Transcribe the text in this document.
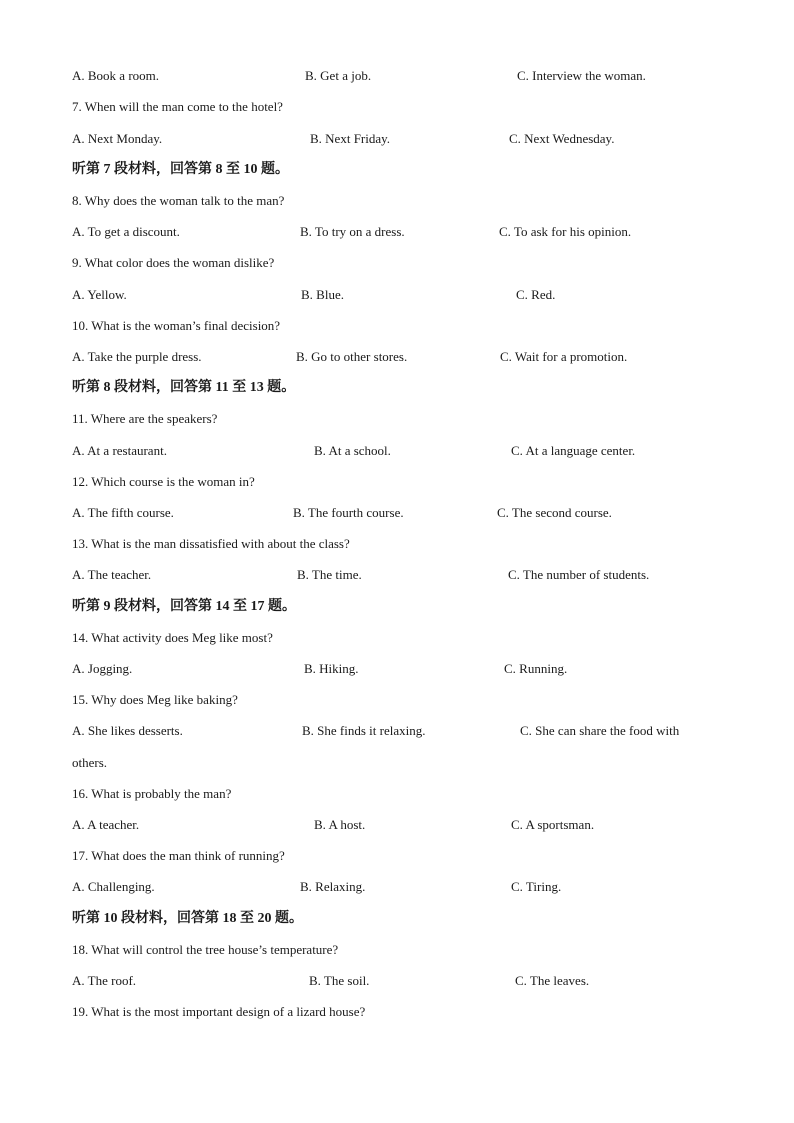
A. Book a room.	B. Get a job.	C. Interview the woman.
7. When will the man come to the hotel?
A. Next Monday.	B. Next Friday.	C. Next Wednesday.
听第 7 段材料，回答第 8 至 10 题。
8. Why does the woman talk to the man?
A. To get a discount.	B. To try on a dress.	C. To ask for his opinion.
9. What color does the woman dislike?
A. Yellow.	B. Blue.	C. Red.
10. What is the woman’s final decision?
A. Take the purple dress.	B. Go to other stores.	C. Wait for a promotion.
听第 8 段材料，回答第 11 至 13 题。
11. Where are the speakers?
A. At a restaurant.	B. At a school.	C. At a language center.
12. Which course is the woman in?
A. The fifth course.	B. The fourth course.	C. The second course.
13. What is the man dissatisfied with about the class?
A. The teacher.	B. The time.	C. The number of students.
听第 9 段材料，回答第 14 至 17 题。
14. What activity does Meg like most?
A. Jogging.	B. Hiking.	C. Running.
15. Why does Meg like baking?
A. She likes desserts.	B. She finds it relaxing.	C. She can share the food with
others.
16. What is probably the man?
A. A teacher.	B. A host.	C. A sportsman.
17. What does the man think of running?
A. Challenging.	B. Relaxing.	C. Tiring.
听第 10 段材料，回答第 18 至 20 题。
18. What will control the tree house’s temperature?
A. The roof.	B. The soil.	C. The leaves.
19. What is the most important design of a lizard house?
